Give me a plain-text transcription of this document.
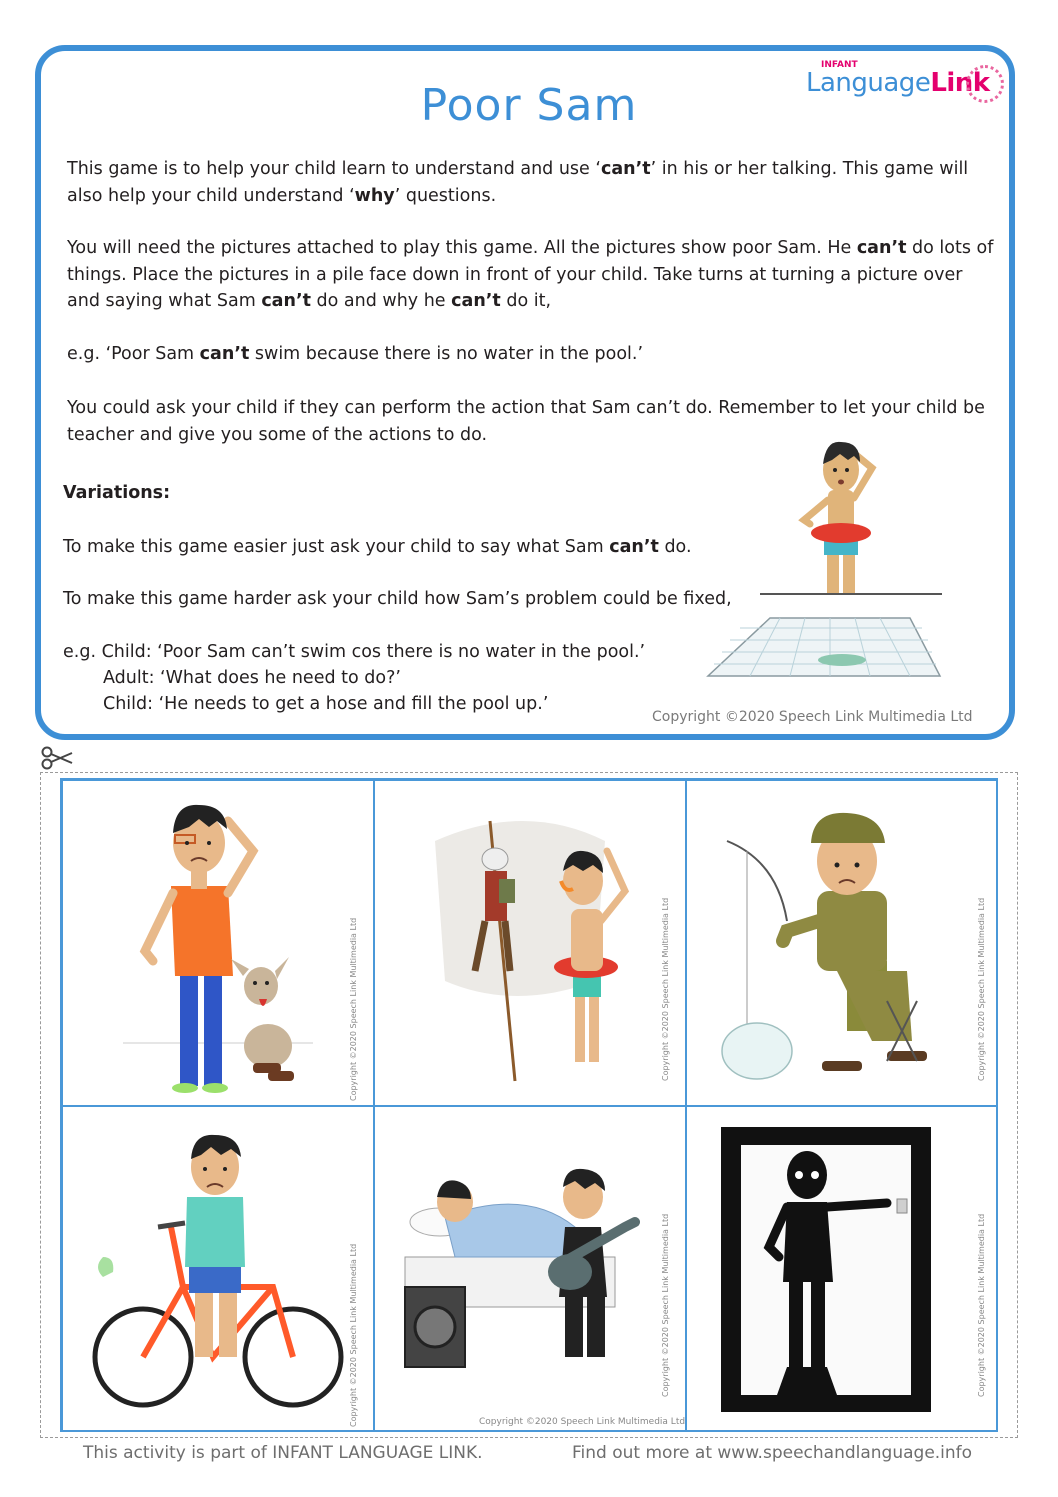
Poor Sam
INFANT
LanguageLink

This game is to help your child learn to understand and use ‘can’t’ in his or her talking. This game will also help your child understand ‘why’ questions.

You will need the pictures attached to play this game. All the pictures show poor Sam. He can’t do lots of things. Place the pictures in a pile face down in front of your child. Take turns at turning a picture over and saying what Sam can’t do and why he can’t do it,

e.g. ‘Poor Sam can’t swim because there is no water in the pool.’

You could ask your child if they can perform the action that Sam can’t do. Remember to let your child be teacher and give you some of the actions to do.

Variations:

To make this game easier just ask your child to say what Sam can’t do.

To make this game harder ask your child how Sam’s problem could be fixed,

e.g. Child: ‘Poor Sam can’t swim cos there is no water in the pool.’

Adult: ‘What does he need to do?’

Child: ‘He needs to get a hose and fill the pool up.’

Copyright ©2020 Speech Link Multimedia Ltd
Copyright ©2020 Speech Link Multimedia Ltd	Copyright ©2020 Speech Link Multimedia Ltd	Copyright ©2020 Speech Link Multimedia Ltd
Copyright ©2020 Speech Link Multimedia Ltd	Copyright ©2020 Speech Link Multimedia Ltd
Copyright ©2020 Speech Link Multimedia Ltd
Copyright ©2020 Speech Link Multimedia Ltd
This activity is part of INFANT LANGUAGE LINK.	Find out more at www.speechandlanguage.info
